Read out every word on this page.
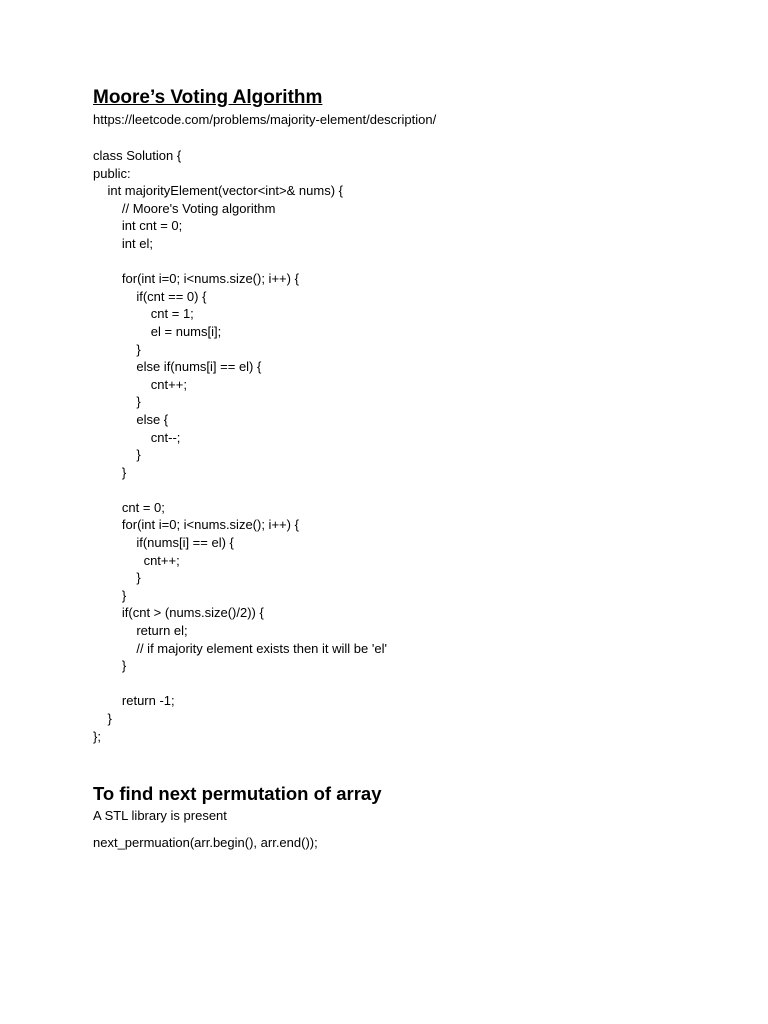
Moore’s Voting Algorithm
https://leetcode.com/problems/majority-element/description/
class Solution {
public:
int majorityElement(vector<int>& nums) {
// Moore's Voting algorithm
int cnt = 0;
int el;
for(int i=0; i<nums.size(); i++) {
if(cnt == 0) {
cnt = 1;
el = nums[i];
}
else if(nums[i] == el) {
cnt++;
}
else {
cnt--;
}
}
cnt = 0;
for(int i=0; i<nums.size(); i++) {
if(nums[i] == el) {
cnt++;
}
}
if(cnt > (nums.size()/2)) {
return el;
// if majority element exists then it will be 'el'
}
return -1;
}
};
To find next permutation of array
A STL library is present
next_permuation(arr.begin(), arr.end());
